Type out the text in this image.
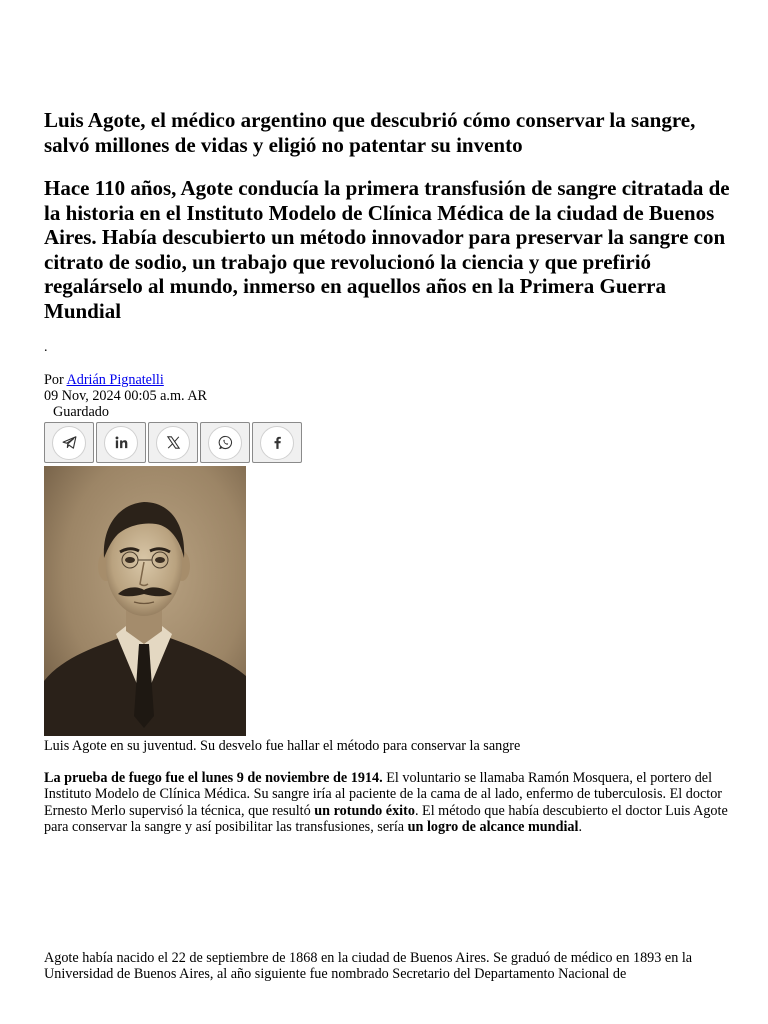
Luis Agote, el médico argentino que descubrió cómo conservar la sangre, salvó millones de vidas y eligió no patentar su invento
Hace 110 años, Agote conducía la primera transfusión de sangre citratada de la historia en el Instituto Modelo de Clínica Médica de la ciudad de Buenos Aires. Había descubierto un método innovador para preservar la sangre con citrato de sodio, un trabajo que revolucionó la ciencia y que prefirió regalárselo al mundo, inmerso en aquellos años en la Primera Guerra Mundial
.
Por Adrián Pignatelli
09 Nov, 2024 00:05 a.m. AR
Guardado
Luis Agote en su juventud. Su desvelo fue hallar el método para conservar la sangre

La prueba de fuego fue el lunes 9 de noviembre de 1914. El voluntario se llamaba Ramón Mosquera, el portero del Instituto Modelo de Clínica Médica. Su sangre iría al paciente de la cama de al lado, enfermo de tuberculosis. El doctor Ernesto Merlo supervisó la técnica, que resultó un rotundo éxito. El método que había descubierto el doctor Luis Agote para conservar la sangre y así posibilitar las transfusiones, sería un logro de alcance mundial.

Agote había nacido el 22 de septiembre de 1868 en la ciudad de Buenos Aires. Se graduó de médico en 1893 en la Universidad de Buenos Aires, al año siguiente fue nombrado Secretario del Departamento Nacional de
